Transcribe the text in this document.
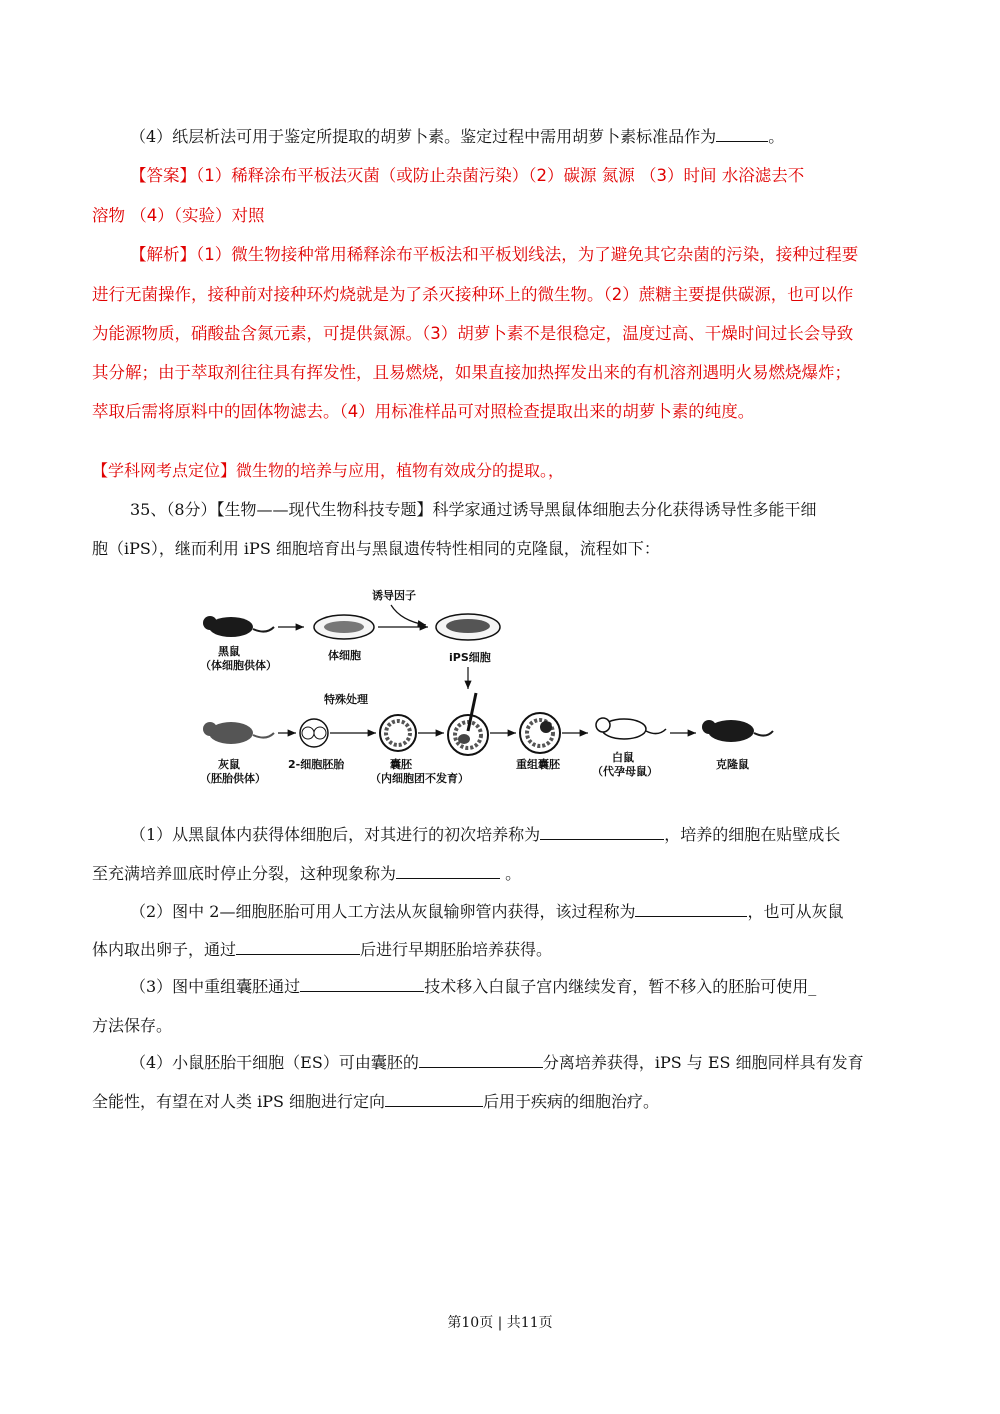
（4）纸层析法可用于鉴定所提取的胡萝卜素。鉴定过程中需用胡萝卜素标准品作为	。
【答案】（1）稀释涂布平板法灭菌（或防止杂菌污染）（2）碳源 氮源 （3）时间 水浴滤去不
溶物 （4）（实验）对照
【解析】（1）微生物接种常用稀释涂布平板法和平板划线法，为了避免其它杂菌的污染，接种过程要
进行无菌操作，接种前对接种环灼烧就是为了杀灭接种环上的微生物。（2）蔗糖主要提供碳源，也可以作
为能源物质，硝酸盐含氮元素，可提供氮源。（3）胡萝卜素不是很稳定，温度过高、干燥时间过长会导致
其分解；由于萃取剂往往具有挥发性，且易燃烧，如果直接加热挥发出来的有机溶剂遇明火易燃烧爆炸；
萃取后需将原料中的固体物滤去。（4）用标准样品可对照检查提取出来的胡萝卜素的纯度。
【学科网考点定位】微生物的培养与应用，植物有效成分的提取。，
35、（8分）【生物——现代生物科技专题】科学家通过诱导黑鼠体细胞去分化获得诱导性多能干细
胞（iPS），继而利用 iPS 细胞培育出与黑鼠遗传特性相同的克隆鼠，流程如下：
黑鼠
（体细胞供体）
体细胞
诱导因子
iPS细胞
灰鼠
（胚胎供体）
2-细胞胚胎
特殊处理
囊胚
（内细胞团不发育）
重组囊胚
白鼠
（代孕母鼠）
克隆鼠
（1）从黑鼠体内获得体细胞后，对其进行的初次培养称为	，培养的细胞在贴壁成长
至充满培养皿底时停止分裂，这种现象称为	。
（2）图中 2—细胞胚胎可用人工方法从灰鼠输卵管内获得，该过程称为	，也可从灰鼠
体内取出卵子，通过	后进行早期胚胎培养获得。
（3）图中重组囊胚通过	技术移入白鼠子宫内继续发育，暂不移入的胚胎可使用_
方法保存。
（4）小鼠胚胎干细胞（ES）可由囊胚的	分离培养获得，iPS 与 ES 细胞同样具有发育
全能性，有望在对人类 iPS 细胞进行定向	后用于疾病的细胞治疗。
第10页 | 共11页
